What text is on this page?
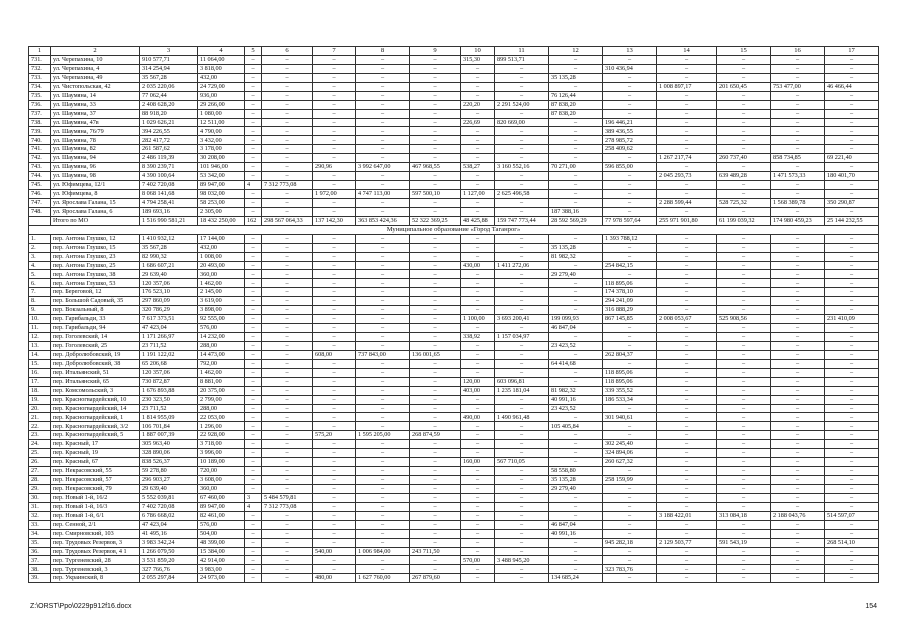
1	2	3	4	5	6	7	8	9	10	11	12	13	14	15	16	17
731.	ул. Черепахина, 10	910 577,71	11 064,00	–	–	–	–	–	315,30	899 513,71	–	–	–	–	–	–
732.	ул. Черепахина, 4	314 254,94	3 818,00	–	–	–	–	–	–	–	–	310 436,94	–	–	–	–
733.	ул. Черепахина, 49	35 567,28	432,00	–	–	–	–	–	–	–	35 135,28	–	–	–	–	–
734.	ул. Чистопольская, 42	2 035 220,06	24 729,00	–	–	–	–	–	–	–	–	–	1 008 897,17	201 650,45	753 477,00	46 466,44
735.	ул. Шаумяна, 14	77 062,44	936,00	–	–	–	–	–	–	–	76 126,44	–	–	–	–	–
736.	ул. Шаумяна, 33	2 408 628,20	29 266,00	–	–	–	–	–	220,20	2 291 524,00	87 838,20	–	–	–	–	–
737.	ул. Шаумяна, 37	88 918,20	1 080,00	–	–	–	–	–	–	–	87 838,20	–	–	–	–	–
738.	ул. Шаумяна, 47в	1 029 626,21	12 511,00	–	–	–	–	–	226,69	820 669,00	–	196 446,21	–	–	–	–
739.	ул. Шаумяна, 76/79	394 226,55	4 790,00	–	–	–	–	–	–	–	–	389 436,55	–	–	–	–
740.	ул. Шаумяна, 78	282 417,72	3 432,00	–	–	–	–	–	–	–	–	278 985,72	–	–	–	–
741.	ул. Шаумяна, 82	261 587,62	3 178,00	–	–	–	–	–	–	–	–	258 409,62	–	–	–	–
742.	ул. Шаумяна, 94	2 486 119,39	30 208,00	–	–	–	–	–	–	–	–	–	1 267 217,74	260 737,40	858 734,85	69 221,40
743.	ул. Шаумяна, 96	8 390 239,71	101 946,00	–	–	290,96	3 992 647,00	467 968,55	538,27	3 160 552,16	70 271,00	596 855,00	–	–	–	–
744.	ул. Шаумяна, 98	4 390 100,64	53 342,00	–	–	–	–	–	–	–	–	–	2 045 293,73	639 489,28	1 471 573,33	180 401,70
745.	ул. Юфимцева, 12/1	7 402 720,08	89 947,00	4	7 312 773,08	–	–	–	–	–	–	–	–	–	–	–
746.	ул. Юфимцева, 8	8 068 141,68	98 032,00	–	–	1 972,00	4 747 113,00	597 500,10	1 127,00	2 625 496,58	–	–	–	–	–	–
747.	ул. Ярослава Галана, 15	4 794 258,41	58 253,00	–	–	–	–	–	–	–	–	–	2 288 599,44	528 725,32	1 568 389,78	350 290,87
748.	ул. Ярослава Галана, 6	189 693,16	2 305,00	–	–	–	–	–	–	–	187 388,16	–	–	–	–	–
	Итого по МО	1 516 990 581,21	18 432 250,00	162	298 567 064,33	137 142,30	363 853 424,36	52 322 369,25	48 425,88	159 747 773,44	28 592 569,29	77 978 597,64	255 971 901,80	61 199 039,32	174 980 459,23	25 144 232,55
Муниципальное образование «Город Таганрог»																
1.	пер. Антона Глушко, 12	1 410 932,12	17 144,00	–	–	–	–	–	–	–	–	1 393 788,12	–	–	–	–
2.	пер. Антона Глушко, 15	35 567,28	432,00	–	–	–	–	–	–	–	35 135,28	–	–	–	–	–
3.	пер. Антона Глушко, 23	82 990,32	1 008,00	–	–	–	–	–	–	–	81 982,32	–	–	–	–	–
4.	пер. Антона Глушко, 25	1 686 607,21	20 493,00	–	–	–	–	–	430,00	1 411 272,06	–	254 842,15	–	–	–	–
5.	пер. Антона Глушко, 38	29 639,40	360,00	–	–	–	–	–	–	–	29 279,40	–	–	–	–	–
6.	пер. Антона Глушко, 53	120 357,06	1 462,00	–	–	–	–	–	–	–	–	118 895,06	–	–	–	–
7.	пер. Береговой, 12	176 523,10	2 145,00	–	–	–	–	–	–	–	–	174 378,10	–	–	–	–
8.	пер. Большой Садовый, 35	297 860,09	3 619,00	–	–	–	–	–	–	–	–	294 241,09	–	–	–	–
9.	пер. Вокзальный, 8	320 786,29	3 898,00	–	–	–	–	–	–	–	–	316 888,29	–	–	–	–
10.	пер. Гарибальди, 33	7 617 373,51	92 555,00	–	–	–	–	–	1 100,00	3 693 200,41	199 099,93	867 145,85	2 008 053,67	525 908,56	–	231 410,09
11.	пер. Гарибальди, 94	47 423,04	576,00	–	–	–	–	–	–	–	46 847,04	–	–	–	–	–
12.	пер. Гоголевский, 14	1 171 266,97	14 232,00	–	–	–	–	–	338,92	1 157 034,97	–	–	–	–	–	–
13.	пер. Гоголевский, 25	23 711,52	288,00	–	–	–	–	–	–	–	23 423,52	–	–	–	–	–
14.	пер. Добролюбовский, 19	1 191 122,02	14 473,00	–	–	608,00	737 843,00	136 001,65	–	–	–	262 804,37	–	–	–	–
15.	пер. Добролюбовский, 38	65 206,68	792,00	–	–	–	–	–	–	–	64 414,68	–	–	–	–	–
16.	пер. Итальянский, 51	120 357,06	1 462,00	–	–	–	–	–	–	–	–	118 895,06	–	–	–	–
17.	пер. Итальянский, 65	730 872,87	8 881,00	–	–	–	–	–	120,00	603 096,81	–	118 895,06	–	–	–	–
18.	пер. Комсомольский, 3	1 676 893,88	20 375,00	–	–	–	–	–	403,00	1 235 181,04	81 982,32	339 355,52	–	–	–	–
19.	пер. Красногвардейский, 10	230 323,50	2 799,00	–	–	–	–	–	–	–	40 991,16	186 533,34	–	–	–	–
20.	пер. Красногвардейский, 14	23 711,52	288,00	–	–	–	–	–	–	–	23 423,52	–	–	–	–	–
21.	пер. Красногвардейский, 1	1 814 955,09	22 053,00	–	–	–	–	–	490,00	1 490 961,48	–	301 940,61	–	–	–	–
22.	пер. Красногвардейский, 3/2	106 701,84	1 296,00	–	–	–	–	–	–	–	105 405,84	–	–	–	–	–
23.	пер. Красногвардейский, 5	1 887 007,39	22 928,00	–	–	575,20	1 595 205,00	268 874,59	–	–	–	–	–	–	–	–
24.	пер. Красный, 17	305 963,40	3 718,00	–	–	–	–	–	–	–	–	302 245,40	–	–	–	–
25.	пер. Красный, 19	328 890,06	3 996,00	–	–	–	–	–	–	–	–	324 894,06	–	–	–	–
26.	пер. Красный, 67	838 526,37	10 189,00	–	–	–	–	–	160,00	567 710,05	–	260 627,32	–	–	–	–
27.	пер. Некрасовский, 55	59 278,80	720,00	–	–	–	–	–	–	–	58 558,80	–	–	–	–	–
28.	пер. Некрасовский, 57	296 903,27	3 608,00	–	–	–	–	–	–	–	35 135,28	258 159,99	–	–	–	–
29.	пер. Некрасовский, 79	29 639,40	360,00	–	–	–	–	–	–	–	29 279,40	–	–	–	–	–
30.	пер. Новый 1-й, 16/2	5 552 039,81	67 460,00	3	5 484 579,81	–	–	–	–	–	–	–	–	–	–	–
31.	пер. Новый 1-й, 16/3	7 402 720,08	89 947,00	4	7 312 773,08	–	–	–	–	–	–	–	–	–	–	–
32.	пер. Новый 1-й, 6/1	6 786 668,02	82 461,00	–	–	–	–	–	–	–	–	–	3 188 422,01	313 084,18	2 188 043,76	514 597,07
33.	пер. Сенной, 2/1	47 423,04	576,00	–	–	–	–	–	–	–	46 847,04	–	–	–	–	–
34.	пер. Смирновский, 103	41 495,16	504,00	–	–	–	–	–	–	–	40 991,16	–	–	–	–	–
35.	пер. Трудовых Резервов, 3	3 983 342,24	48 399,00	–	–	–	–	–	–	–	–	945 282,18	2 129 503,77	591 543,19	–	268 514,10
36.	пер. Трудовых Резервов, 4 1	1 266 079,50	15 384,00	–	–	540,00	1 006 984,00	243 711,50	–	–	–	–	–	–	–	–
37.	пер. Тургеневский, 28	3 531 859,20	42 914,00	–	–	–	–	–	570,00	3 488 945,20	–	–	–	–	–	–
38.	пер. Тургеневский, 3	327 766,76	3 983,00	–	–	–	–	–	–	–	–	323 783,76	–	–	–	–
39.	пер. Украинский, 8	2 055 297,84	24 973,00	–	–	480,00	1 627 760,00	267 879,60	–	–	134 685,24	–	–	–	–	–
Z:\ORST\Ppo\0229p912f16.docx	154
